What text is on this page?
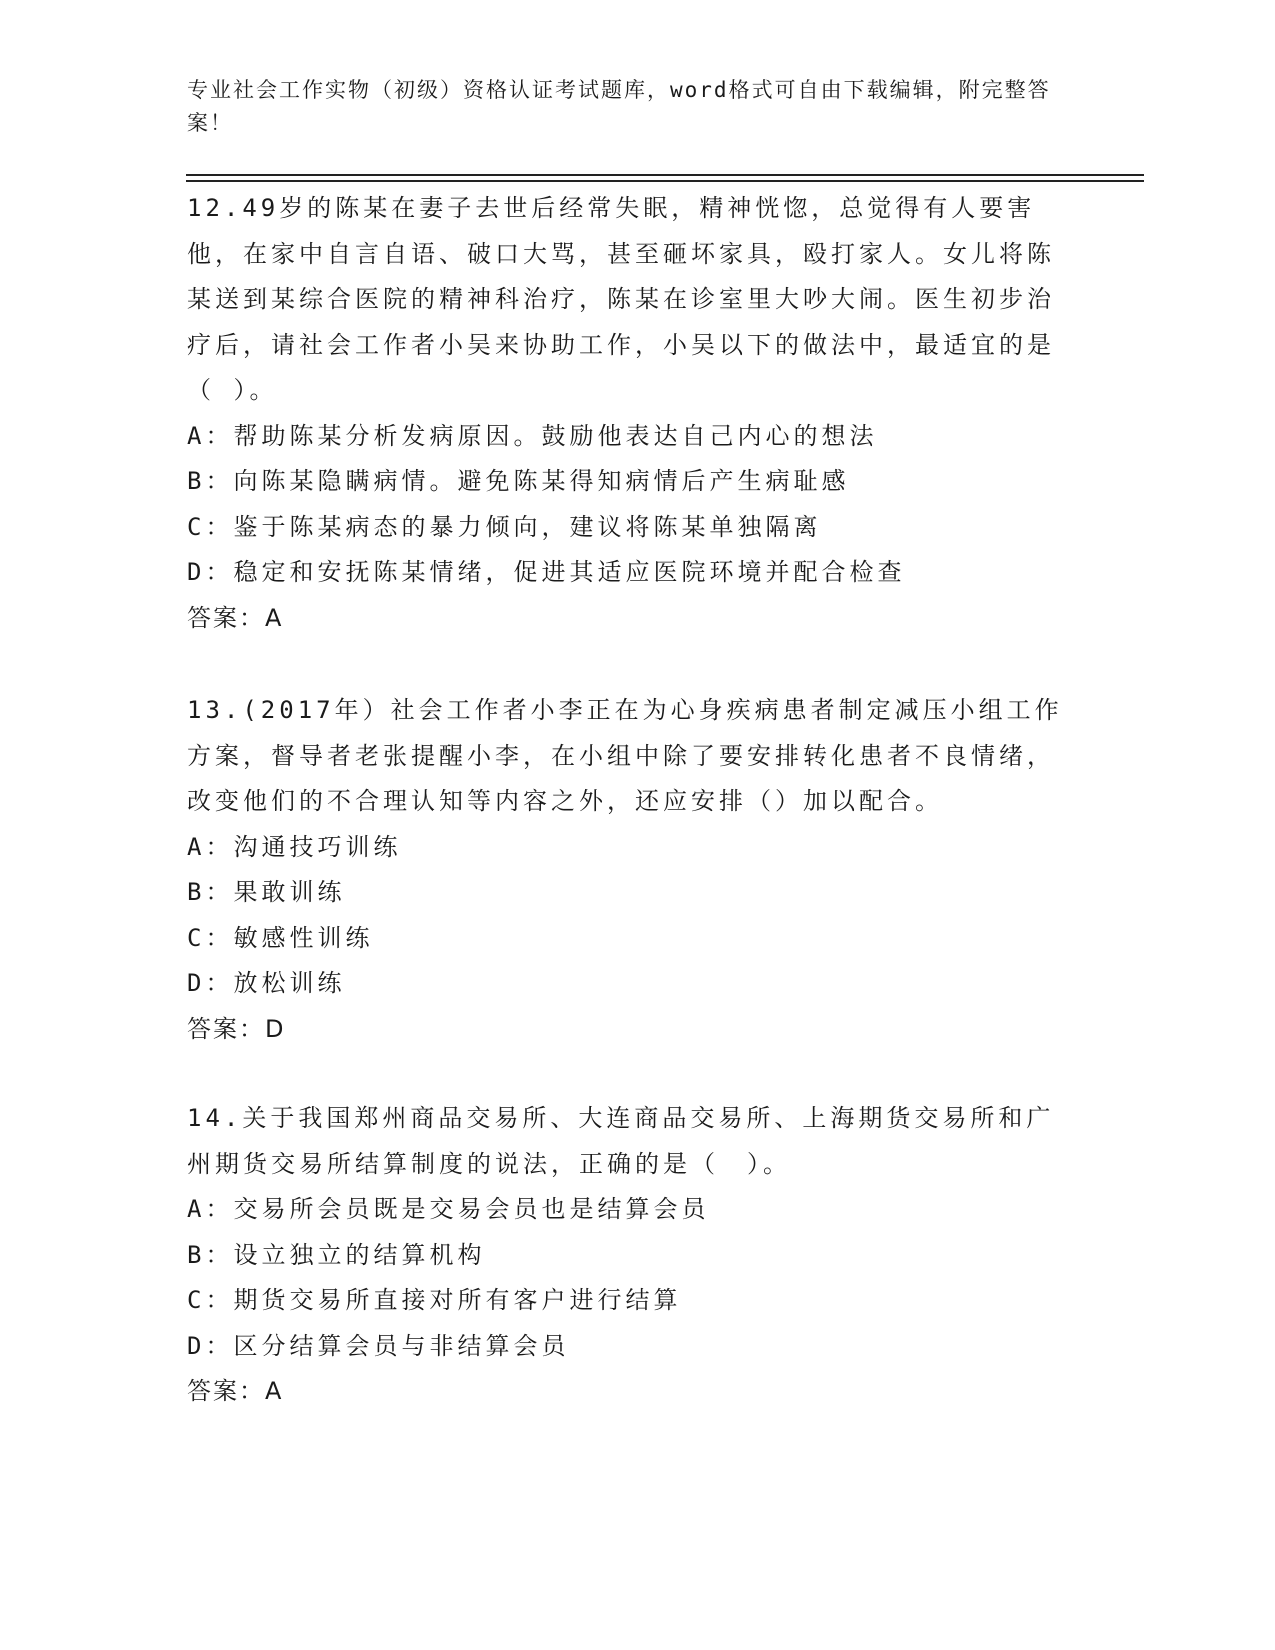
专业社会工作实物（初级）资格认证考试题库，word格式可自由下载编辑，附完整答案！
12.49岁的陈某在妻子去世后经常失眠，精神恍惚，总觉得有人要害他，在家中自言自语、破口大骂，甚至砸坏家具，殴打家人。女儿将陈某送到某综合医院的精神科治疗，陈某在诊室里大吵大闹。医生初步治疗后，请社会工作者小吴来协助工作，小吴以下的做法中，最适宜的是（ ）。
A：帮助陈某分析发病原因。鼓励他表达自己内心的想法
B：向陈某隐瞒病情。避免陈某得知病情后产生病耻感
C：鉴于陈某病态的暴力倾向，建议将陈某单独隔离
D：稳定和安抚陈某情绪，促进其适应医院环境并配合检查
答案：A
13.(2017年）社会工作者小李正在为心身疾病患者制定减压小组工作方案，督导者老张提醒小李，在小组中除了要安排转化患者不良情绪，改变他们的不合理认知等内容之外，还应安排（）加以配合。
A：沟通技巧训练
B：果敢训练
C：敏感性训练
D：放松训练
答案：D
14.关于我国郑州商品交易所、大连商品交易所、上海期货交易所和广州期货交易所结算制度的说法，正确的是（　）。
A：交易所会员既是交易会员也是结算会员
B：设立独立的结算机构
C：期货交易所直接对所有客户进行结算
D：区分结算会员与非结算会员
答案：A
